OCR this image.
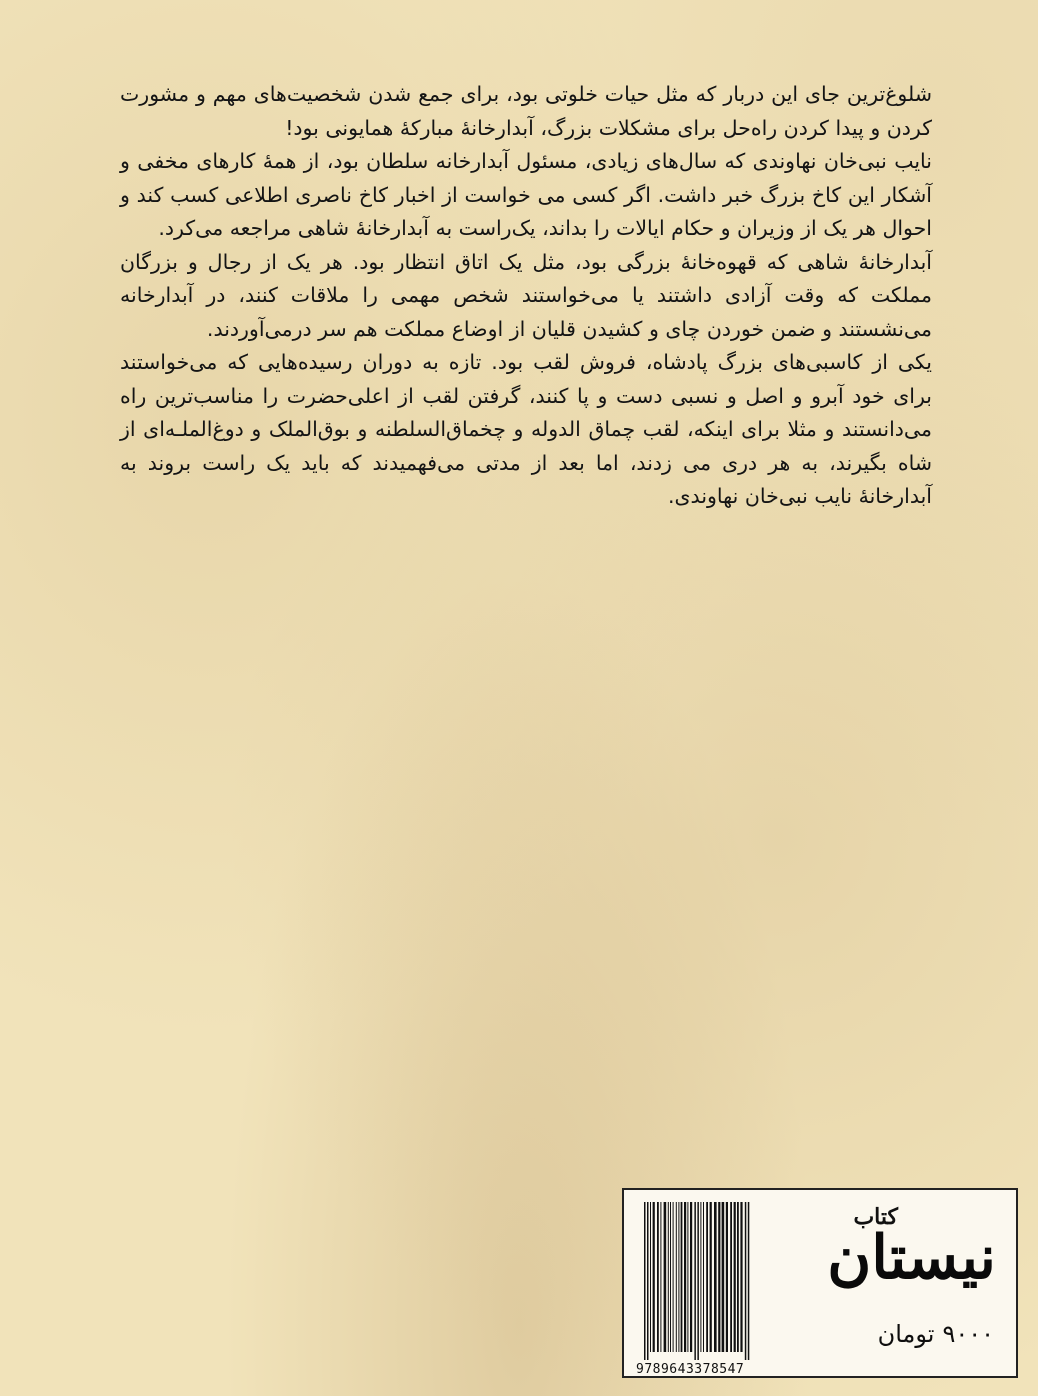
شلوغ‌ترین جای این دربار که مثل حیات خلوتی بود، برای جمع شدن شخصیت‌های مهم و مشورت کردن و پیدا کردن راه‌حل برای مشکلات بزرگ، آبدارخانهٔ مبارکهٔ همایونی بود!

نایب نبی‌خان نهاوندی که سال‌های زیادی، مسئول آبدارخانه سلطان بود، از همهٔ کارهای مخفی و آشکار این کاخ بزرگ خبر داشت. اگر کسی می خواست از اخبار کاخ ناصری اطلاعی کسب کند و احوال هر یک از وزیران و حکام ایالات را بداند، یک‌راست به آبدارخانهٔ شاهی مراجعه می‌کرد.

آبدارخانهٔ شاهی که قهوه‌خانهٔ بزرگی بود، مثل یک اتاق انتظار بود. هر یک از رجال و بزرگان مملکت که وقت آزادی داشتند یا می‌خواستند شخص مهمی را ملاقات کنند، در آبدارخانه می‌نشستند و ضمن خوردن چای و کشیدن قلیان از اوضاع مملکت هم سر درمی‌آوردند.

یکی از کاسبی‌های بزرگ پادشاه، فروش لقب بود. تازه به دوران رسیده‌هایی که می‌خواستند برای خود آبرو و اصل و نسبی دست و پا کنند، گرفتن لقب از اعلی‌حضرت را مناسب‌ترین راه می‌دانستند و مثلا برای اینکه، لقب چماق الدوله و چخماق‌السلطنه و بوق‌الملک و دوغ‌الملـه‌ای از شاه بگیرند، به هر دری می زدند، اما بعد از مدتی می‌فهمیدند که باید یک راست بروند به آبدارخانهٔ نایب نبی‌خان نهاوندی.

9789643378547
کتاب
نیستان
۹۰۰۰تومان
